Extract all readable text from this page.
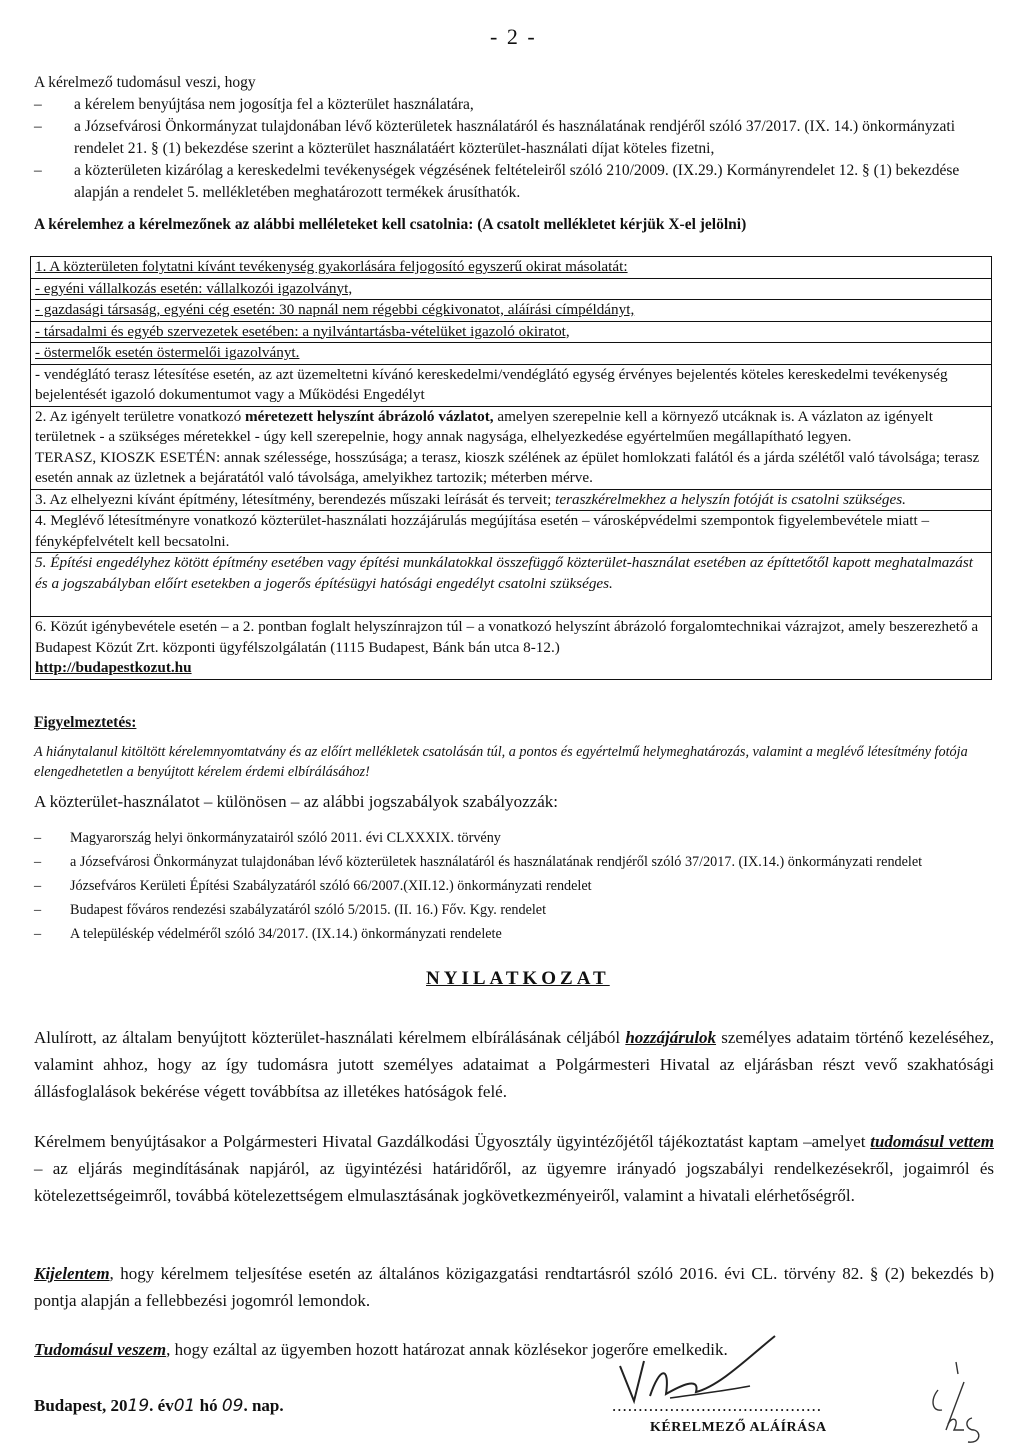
- 2 -
A kérelmező tudomásul veszi, hogy
–	a kérelem benyújtása nem jogosítja fel a közterület használatára,
–	a Józsefvárosi Önkormányzat tulajdonában lévő közterületek használatáról és használatának rendjéről szóló 37/2017. (IX. 14.) önkormányzati rendelet 21. § (1) bekezdése szerint a közterület használatáért közterület-használati díjat köteles fizetni,
–	a közterületen kizárólag a kereskedelmi tevékenységek végzésének feltételeiről szóló 210/2009. (IX.29.) Kormányrendelet 12. § (1) bekezdése alapján a rendelet 5. mellékletében meghatározott termékek árusíthatók.
A kérelemhez a kérelmezőnek az alábbi melléleteket kell csatolnia: (A csatolt mellékletet kérjük X-el jelölni)
1. A közterületen folytatni kívánt tevékenység gyakorlására feljogosító egyszerű okirat másolatát:
- egyéni vállalkozás esetén: vállalkozói igazolványt,
- gazdasági társaság, egyéni cég esetén: 30 napnál nem régebbi cégkivonatot, aláírási címpéldányt,
- társadalmi és egyéb szervezetek esetében: a nyilvántartásba-vételüket igazoló okiratot,
- östermelők esetén östermelői igazolványt.
- vendéglátó terasz létesítése esetén, az azt üzemeltetni kívánó kereskedelmi/vendéglátó egység érvényes bejelentés köteles kereskedelmi tevékenység bejelentését igazoló dokumentumot vagy a Működési Engedélyt
2. Az igényelt területre vonatkozó méretezett helyszínt ábrázoló vázlatot, amelyen szerepelnie kell a környező utcáknak is. A vázlaton az igényelt területnek - a szükséges méretekkel - úgy kell szerepelnie, hogy annak nagysága, elhelyezkedése egyértelműen megállapítható legyen.
TERASZ, KIOSZK ESETÉN: annak szélessége, hosszúsága; a terasz, kioszk szélének az épület homlokzati falától és a járda szélétől való távolsága; terasz esetén annak az üzletnek a bejáratától való távolsága, amelyikhez tartozik; méterben mérve.
3. Az elhelyezni kívánt építmény, létesítmény, berendezés műszaki leírását és terveit; teraszkérelmekhez a helyszín fotóját is csatolni szükséges.
4. Meglévő létesítményre vonatkozó közterület-használati hozzájárulás megújítása esetén – városképvédelmi szempontok figyelembevétele miatt – fényképfelvételt kell becsatolni.
5. Építési engedélyhez kötött építmény esetében vagy építési munkálatokkal összefüggő közterület-használat esetében az építtetőtől kapott meghatalmazást és a jogszabályban előírt esetekben a jogerős építésügyi hatósági engedélyt csatolni szükséges.
6. Közút igénybevétele esetén – a 2. pontban foglalt helyszínrajzon túl – a vonatkozó helyszínt ábrázoló forgalomtechnikai vázrajzot, amely beszerezhető a Budapest Közút Zrt. központi ügyfélszolgálatán (1115 Budapest, Bánk bán utca 8-12.)
http://budapestkozut.hu
Figyelmeztetés:
A hiánytalanul kitöltött kérelemnyomtatvány és az előírt mellékletek csatolásán túl, a pontos és egyértelmű helymeghatározás, valamint a meglévő létesítmény fotója elengedhetetlen a benyújtott kérelem érdemi elbírálásához!
A közterület-használatot – különösen – az alábbi jogszabályok szabályozzák:
–	Magyarország helyi önkormányzatairól szóló 2011. évi CLXXXIX. törvény
–	a Józsefvárosi Önkormányzat tulajdonában lévő közterületek használatáról és használatának rendjéről szóló 37/2017. (IX.14.) önkormányzati rendelet
–	Józsefváros Kerületi Építési Szabályzatáról szóló 66/2007.(XII.12.) önkormányzati rendelet
–	Budapest főváros rendezési szabályzatáról szóló 5/2015. (II. 16.) Főv. Kgy. rendelet
–	A településkép védelméről szóló 34/2017. (IX.14.) önkormányzati rendelete
NYILATKOZAT
Alulírott, az általam benyújtott közterület-használati kérelmem elbírálásának céljából hozzájárulok személyes adataim történő kezeléséhez, valamint ahhoz, hogy az így tudomásra jutott személyes adataimat a Polgármesteri Hivatal az eljárásban részt vevő szakhatósági állásfoglalások bekérése végett továbbítsa az illetékes hatóságok felé.
Kérelmem benyújtásakor a Polgármesteri Hivatal Gazdálkodási Ügyosztály ügyintézőjétől tájékoztatást kaptam –amelyet tudomásul vettem – az eljárás megindításának napjáról, az ügyintézési határidőről, az ügyemre irányadó jogszabályi rendelkezésekről, jogaimról és kötelezettségeimről, továbbá kötelezettségem elmulasztásának jogkövetkezményeiről, valamint a hivatali elérhetőségről.
Kijelentem, hogy kérelmem teljesítése esetén az általános közigazgatási rendtartásról szóló 2016. évi CL. törvény 82. § (2) bekezdés b) pontja alapján a fellebbezési jogomról lemondok.
Tudomásul veszem, hogy ezáltal az ügyemben hozott határozat annak közlésekor jogerőre emelkedik.
Budapest, 2019. év01 hó 09. nap.	........................................
KÉRELMEZŐ ALÁÍRÁSA
